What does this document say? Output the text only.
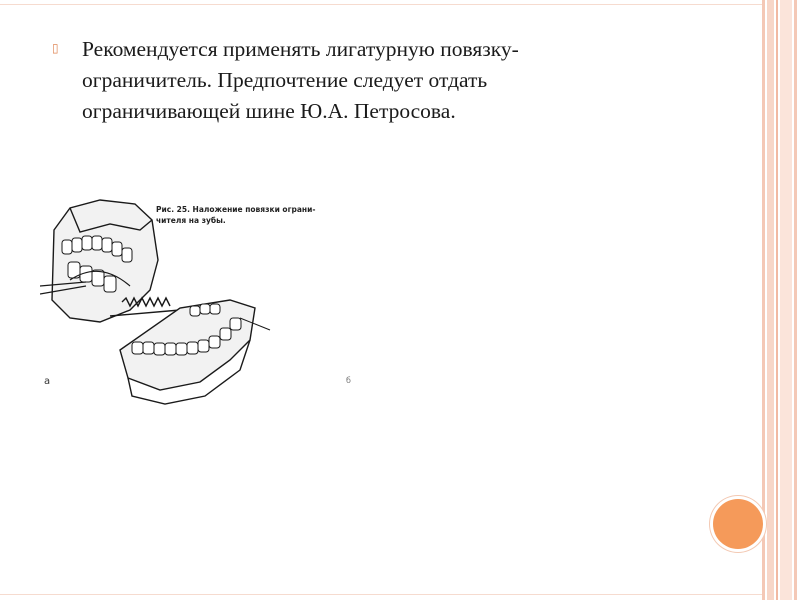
▯ Рекомендуется применять лигатурную повязку-
ограничитель. Предпочтение следует отдать
ограничивающей шине Ю.А. Петросова.

Рис. 25. Наложение повязки ограни-
чителя на зубы.
а	б
